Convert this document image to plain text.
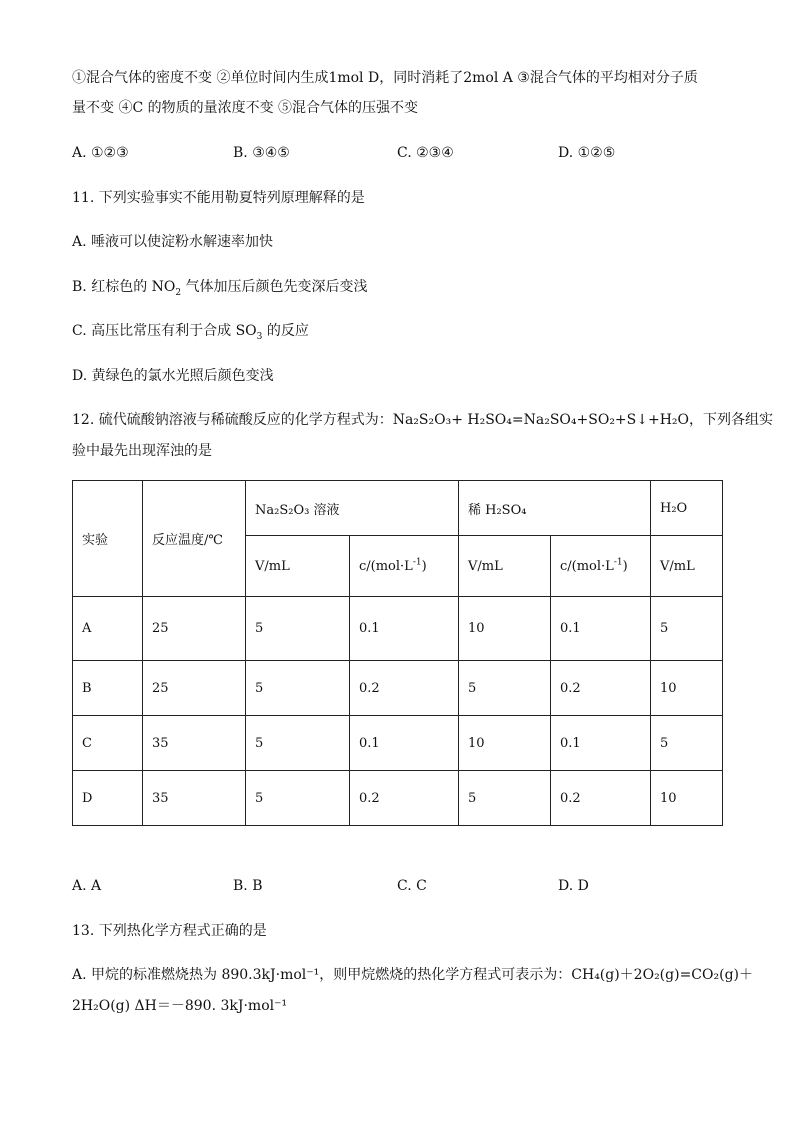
①混合气体的密度不变 ②单位时间内生成1mol D，同时消耗了2mol A ③混合气体的平均相对分子质
量不变 ④C 的物质的量浓度不变 ⑤混合气体的压强不变
A. ①②③	B. ③④⑤	C. ②③④	D. ①②⑤
11. 下列实验事实不能用勒夏特列原理解释的是
A. 唾液可以使淀粉水解速率加快
B. 红棕色的 $NO_2$ 气体加压后颜色先变深后变浅
C. 高压比常压有利于合成 $SO_3$ 的反应
D. 黄绿色的氯水光照后颜色变浅
12. 硫代硫酸钠溶液与稀硫酸反应的化学方程式为：Na₂S₂O₃+ H₂SO₄=Na₂SO₄+SO₂+S↓+H₂O，下列各组实
验中最先出现浑浊的是
实验	反应温度/℃	Na₂S₂O₃ 溶液		稀 H₂SO₄		H₂O
		V/mL	$c/(mol\cdot L^{-1})$	V/mL	$c/(mol\cdot L^{-1})$	V/mL
A	25	5	0.1	10	0.1	5
B	25	5	0.2	5	0.2	10
C	35	5	0.1	10	0.1	5
D	35	5	0.2	5	0.2	10
A. A	B. B	C. C	D. D
13. 下列热化学方程式正确的是
A. 甲烷的标准燃烧热为 890.3kJ·mol⁻¹，则甲烷燃烧的热化学方程式可表示为：CH₄(g)＋2O₂(g)=CO₂(g)＋
2H₂O(g) ΔH＝－890. 3kJ·mol⁻¹
